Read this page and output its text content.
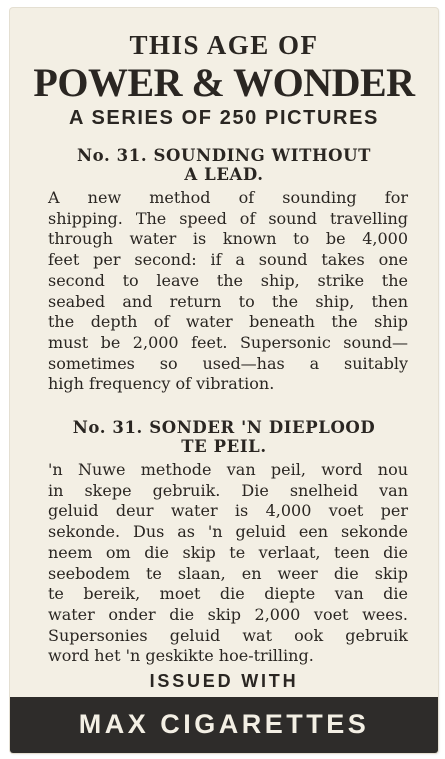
THIS AGE OF
POWER & WONDER
A SERIES OF 250 PICTURES
No. 31. SOUNDING WITHOUT
A LEAD.
A new method of sounding for
shipping. The speed of sound travelling
through water is known to be 4,000
feet per second: if a sound takes one
second to leave the ship, strike the
seabed and return to the ship, then
the depth of water beneath the ship
must be 2,000 feet. Supersonic sound—
sometimes so used—has a suitably
high frequency of vibration.
No. 31. SONDER 'N DIEPLOOD
TE PEIL.
'n Nuwe methode van peil, word nou
in skepe gebruik. Die snelheid van
geluid deur water is 4,000 voet per
sekonde. Dus as 'n geluid een sekonde
neem om die skip te verlaat, teen die
seebodem te slaan, en weer die skip
te bereik, moet die diepte van die
water onder die skip 2,000 voet wees.
Supersonies geluid wat ook gebruik
word het 'n geskikte hoe-trilling.
ISSUED WITH
MAX CIGARETTES
